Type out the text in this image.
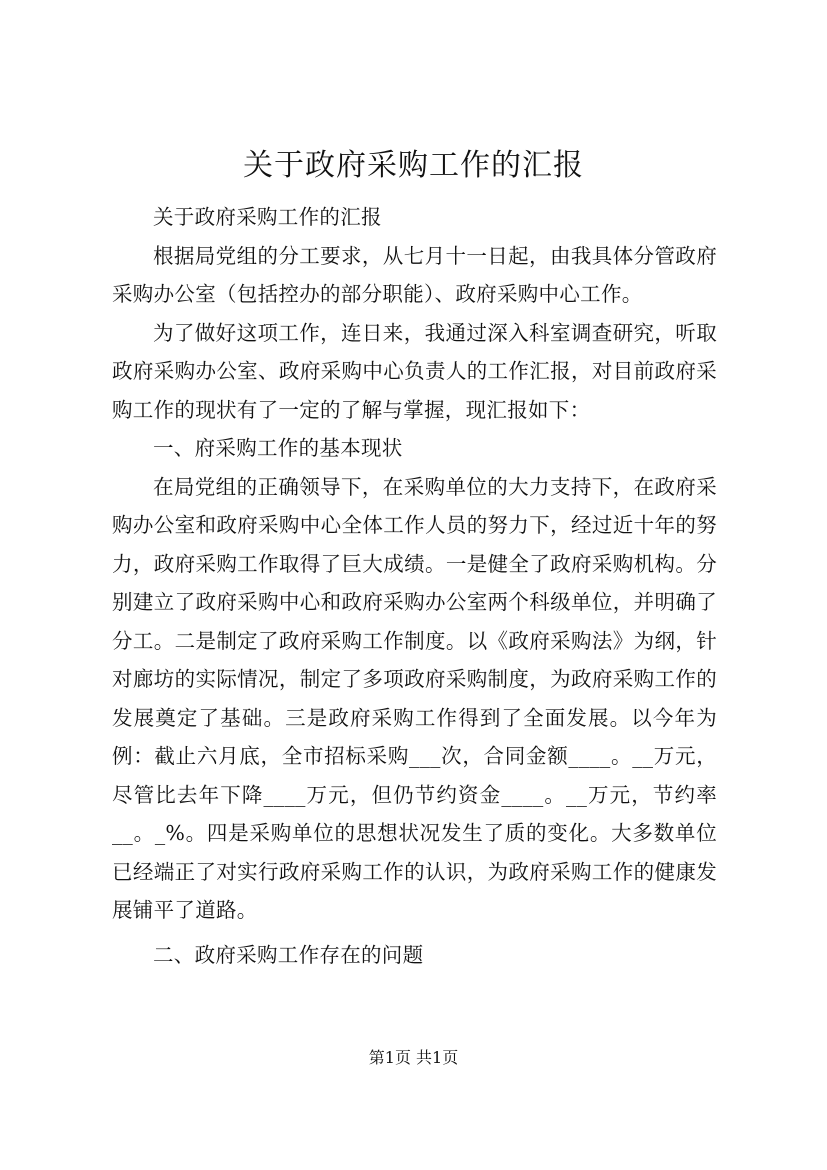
关于政府采购工作的汇报

关于政府采购工作的汇报

根据局党组的分工要求，从七月十一日起，由我具体分管政府采购办公室（包括控办的部分职能）、政府采购中心工作。

为了做好这项工作，连日来，我通过深入科室调查研究，听取政府采购办公室、政府采购中心负责人的工作汇报，对目前政府采购工作的现状有了一定的了解与掌握，现汇报如下：

一、府采购工作的基本现状

在局党组的正确领导下，在采购单位的大力支持下，在政府采购办公室和政府采购中心全体工作人员的努力下，经过近十年的努力，政府采购工作取得了巨大成绩。一是健全了政府采购机构。分别建立了政府采购中心和政府采购办公室两个科级单位，并明确了分工。二是制定了政府采购工作制度。以《政府采购法》为纲，针对廊坊的实际情况，制定了多项政府采购制度，为政府采购工作的发展奠定了基础。三是政府采购工作得到了全面发展。以今年为例：截止六月底，全市招标采购___次，合同金额____。__万元，尽管比去年下降____万元，但仍节约资金____。__万元，节约率__。_%。四是采购单位的思想状况发生了质的变化。大多数单位已经端正了对实行政府采购工作的认识，为政府采购工作的健康发展铺平了道路。

二、政府采购工作存在的问题

第1页 共1页
